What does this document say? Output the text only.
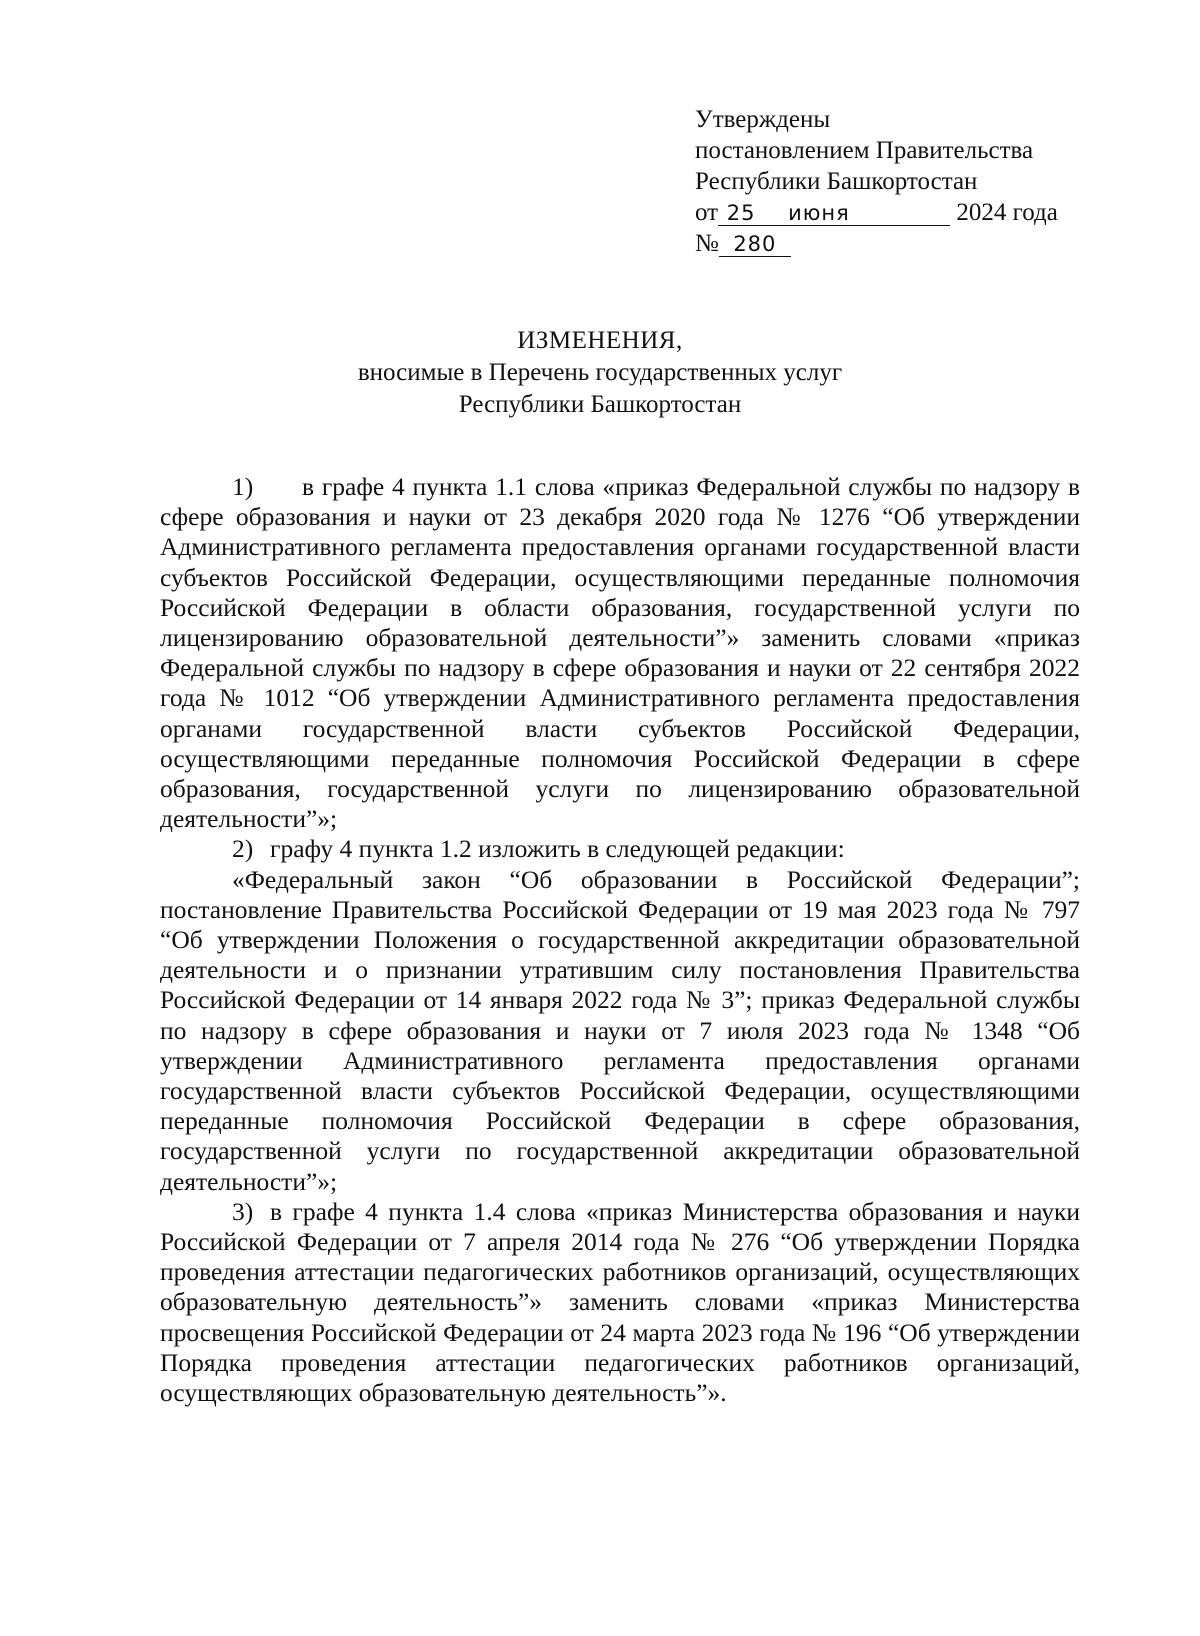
Утверждены
постановлением Правительства
Республики Башкортостан
от 25 июня	2024 года
№ 280
ИЗМЕНЕНИЯ,
вносимые в Перечень государственных услуг
Республики Башкортостан

1) в графе 4 пункта 1.1 слова «приказ Федеральной службы по надзору в сфере образования и науки от 23 декабря 2020 года № 1276 “Об утверждении Административного регламента предоставления органами государственной власти субъектов Российской Федерации, осуществляющими переданные полномочия Российской Федерации в области образования, государственной услуги по лицензированию образовательной деятельности”» заменить словами «приказ Федеральной службы по надзору в сфере образования и науки от 22 сентября 2022 года № 1012 “Об утверждении Административного регламента предоставления органами государственной власти субъектов Российской Федерации, осуществляющими переданные полномочия Российской Федерации в сфере образования, государственной услуги по лицензированию образовательной деятельности”»;

2) графу 4 пункта 1.2 изложить в следующей редакции:

«Федеральный закон “Об образовании в Российской Федерации”; постановление Правительства Российской Федерации от 19 мая 2023 года № 797 “Об утверждении Положения о государственной аккредитации образовательной деятельности и о признании утратившим силу постановления Правительства Российской Федерации от 14 января 2022 года № 3”; приказ Федеральной службы по надзору в сфере образования и науки от 7 июля 2023 года № 1348 “Об утверждении Административного регламента предоставления органами государственной власти субъектов Российской Федерации, осуществляющими переданные полномочия Российской Федерации в сфере образования, государственной услуги по государственной аккредитации образовательной деятельности”»;

3) в графе 4 пункта 1.4 слова «приказ Министерства образования и науки Российской Федерации от 7 апреля 2014 года № 276 “Об утверждении Порядка проведения аттестации педагогических работников организаций, осуществляющих образовательную деятельность”» заменить словами «приказ Министерства просвещения Российской Федерации от 24 марта 2023 года № 196 “Об утверждении Порядка проведения аттестации педагогических работников организаций, осуществляющих образовательную деятельность”».
